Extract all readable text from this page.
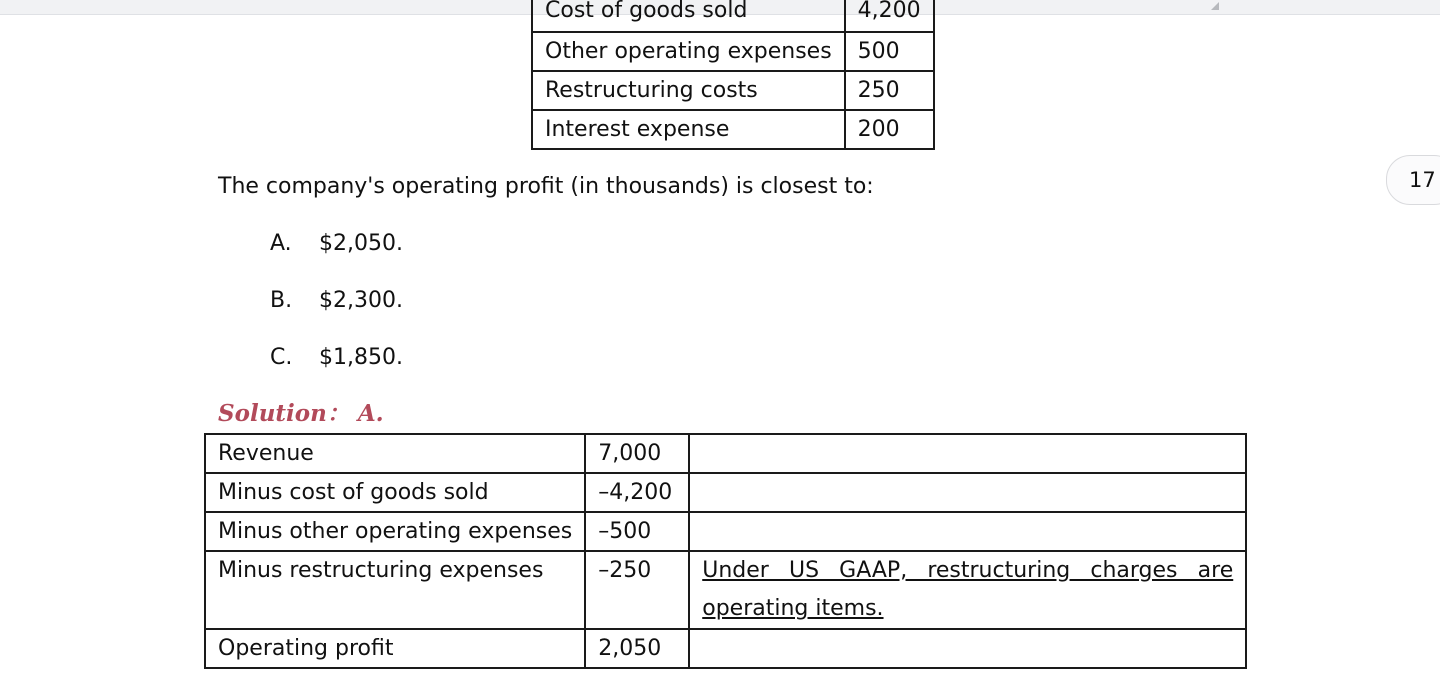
Cost of goods sold	4,200
Other operating expenses	500
Restructuring costs	250
Interest expense	200
The company's operating profit (in thousands) is closest to:
A. $2,050.
B. $2,300.
C. $1,850.
Solution： A.
Revenue	7,000	
Minus cost of goods sold	–4,200	
Minus other operating expenses	–500	
Minus restructuring expenses	–250	Under US GAAP, restructuring charges are
operating items.

Operating profit	2,050	
17
